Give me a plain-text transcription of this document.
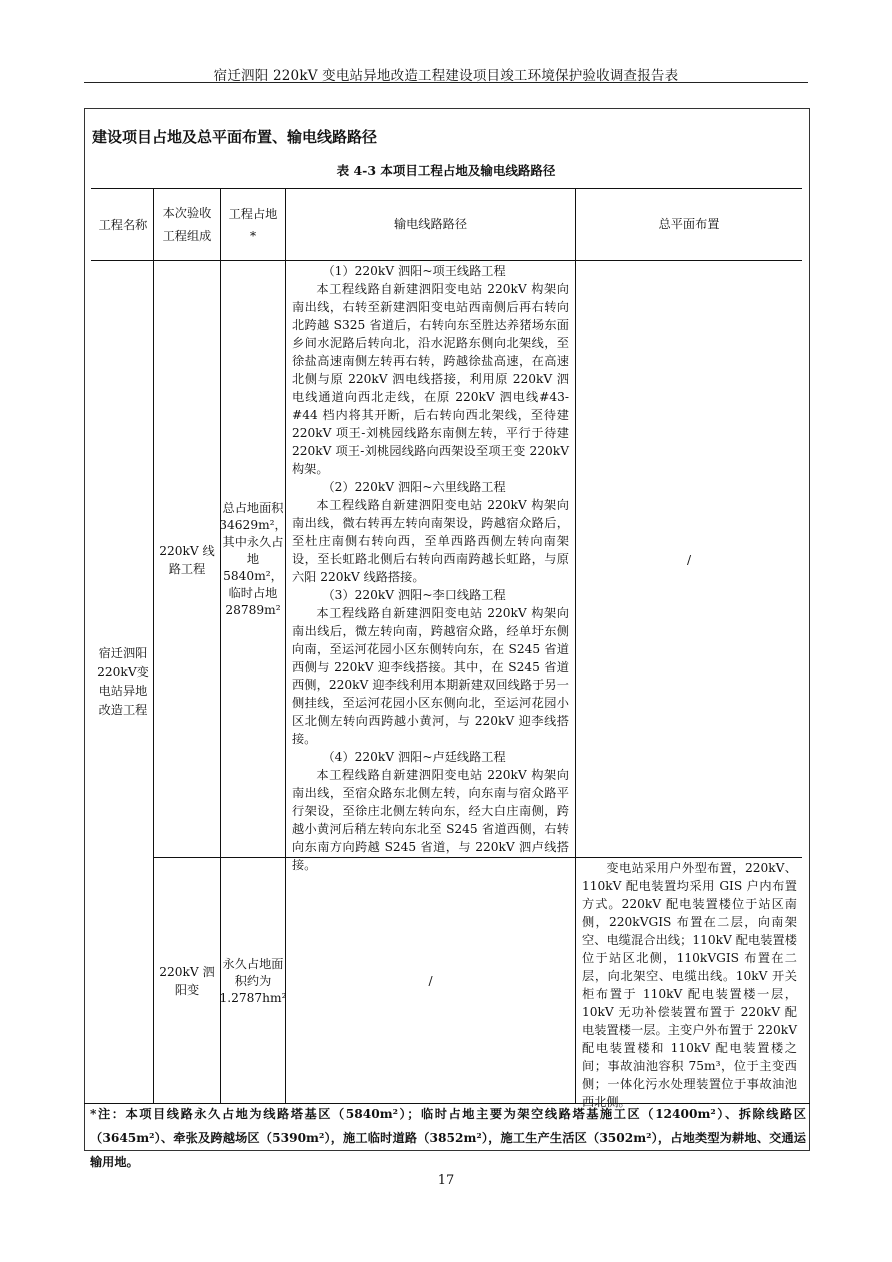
宿迁泗阳 220kV 变电站异地改造工程建设项目竣工环境保护验收调查报告表
建设项目占地及总平面布置、输电线路路径
表 4-3 本项目工程占地及输电线路路径
工程名称
本次验收工程组成
工程占地*
输电线路路径	总平面布置
宿迁泗阳220kV变电站异地改造工程
220kV 线路工程
总占地面积34629m²，其中永久占地5840m²，临时占地28789m²

（1）220kV 泗阳~项王线路工程

本工程线路自新建泗阳变电站 220kV 构架向南出线，右转至新建泗阳变电站西南侧后再右转向北跨越 S325 省道后，右转向东至胜达养猪场东面乡间水泥路后转向北，沿水泥路东侧向北架线，至徐盐高速南侧左转再右转，跨越徐盐高速，在高速北侧与原 220kV 泗电线搭接，利用原 220kV 泗电线通道向西北走线，在原 220kV 泗电线#43-#44 档内将其开断，后右转向西北架线，至待建 220kV 项王-刘桃园线路东南侧左转，平行于待建 220kV 项王-刘桃园线路向西架设至项王变 220kV 构架。

（2）220kV 泗阳~六里线路工程

本工程线路自新建泗阳变电站 220kV 构架向南出线，微右转再左转向南架设，跨越宿众路后，至杜庄南侧右转向西，至单西路西侧左转向南架设，至长虹路北侧后右转向西南跨越长虹路，与原六阳 220kV 线路搭接。

（3）220kV 泗阳~李口线路工程

本工程线路自新建泗阳变电站 220kV 构架向南出线后，微左转向南，跨越宿众路，经单圩东侧向南，至运河花园小区东侧转向东，在 S245 省道西侧与 220kV 迎李线搭接。其中，在 S245 省道西侧，220kV 迎李线利用本期新建双回线路于另一侧挂线，至运河花园小区东侧向北，至运河花园小区北侧左转向西跨越小黄河，与 220kV 迎李线搭接。

（4）220kV 泗阳~卢廷线路工程

本工程线路自新建泗阳变电站 220kV 构架向南出线，至宿众路东北侧左转，向东南与宿众路平行架设，至徐庄北侧左转向东，经大白庄南侧，跨越小黄河后稍左转向东北至 S245 省道西侧，右转向东南方向跨越 S245 省道，与 220kV 泗卢线搭接。

/
220kV 泗阳变
永久占地面积约为1.2787hm²
/

变电站采用户外型布置，220kV、110kV 配电装置均采用 GIS 户内布置方式。220kV 配电装置楼位于站区南侧，220kVGIS 布置在二层，向南架空、电缆混合出线；110kV 配电装置楼位于站区北侧，110kVGIS 布置在二层，向北架空、电缆出线。10kV 开关柜布置于 110kV 配电装置楼一层，10kV 无功补偿装置布置于 220kV 配电装置楼一层。主变户外布置于 220kV 配电装置楼和 110kV 配电装置楼之间；事故油池容积 75m³，位于主变西侧；一体化污水处理装置位于事故油池西北侧。

*注：本项目线路永久占地为线路塔基区（5840m²）；临时占地主要为架空线路塔基施工区（12400m²）、拆除线路区（3645m²）、牵张及跨越场区（5390m²），施工临时道路（3852m²），施工生产生活区（3502m²），占地类型为耕地、交通运输用地。
17
